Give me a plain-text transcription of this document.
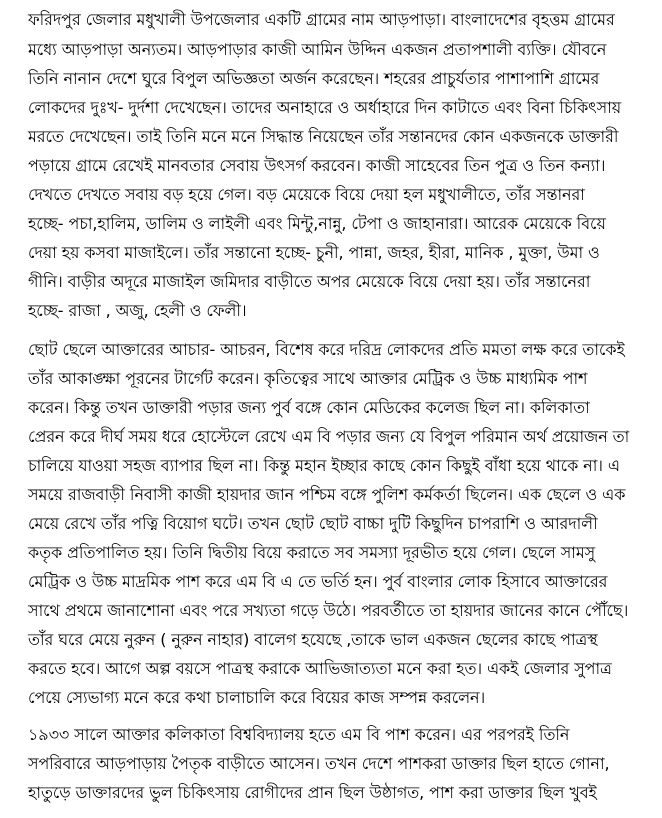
ফরিদপুর জেলার মধুখালী উপজেলার একটি গ্রামের নাম আড়পাড়া। বাংলাদেশের বৃহত্তম গ্রামের
মধ্যে আড়পাড়া অন্যতম। আড়পাড়ার কাজী আমিন উদ্দিন একজন প্রতাপশালী ব্যক্তি। যৌবনে
তিনি নানান দেশে ঘুরে বিপুল অভিজ্ঞতা অর্জন করেছেন। শহরের প্রাচুর্যতার পাশাপাশি গ্রামের
লোকদের দুঃখ- দুর্দশা দেখেছেন। তাদের অনাহারে ও অর্ধাহারে দিন কাটাতে এবং বিনা চিকিৎসায়
মরতে দেখেছেন। তাই তিনি মনে মনে সিদ্ধান্ত নিয়েছেন তাঁর সন্তানদের কোন একজনকে ডাক্তারী
পড়ায়ে গ্রামে রেখেই মানবতার সেবায় উৎসর্গ করবেন। কাজী সাহেবের তিন পুত্র ও তিন কন্যা।
দেখতে দেখতে সবায় বড় হয়ে গেল। বড় মেয়েকে বিয়ে দেয়া হল মধুখালীতে, তাঁর সন্তানরা
হচ্ছে- পচা,হালিম, ডালিম ও লাইলী এবং মিন্টু,নান্নু, টেপা ও জাহানারা। আরেক মেয়েকে বিয়ে
দেয়া হয় কসবা মাজাইলে। তাঁর সন্তানো হচ্ছে- চুনী, পান্না, জহর, হীরা, মানিক , মুক্তা, উমা ও
গীনি। বাড়ীর অদূরে মাজাইল জমিদার বাড়ীতে অপর মেয়েকে বিয়ে দেয়া হয়। তাঁর সন্তানেরা
হচ্ছে- রাজা , অজু, হেলী ও ফেলী।
ছোট ছেলে আক্তারের আচার- আচরন, বিশেষ করে দরিদ্র লোকদের প্রতি মমতা লক্ষ করে তাকেই
তাঁর আকাঙ্ক্ষা পূরনের টার্গেট করেন। কৃতিত্বের সাথে আক্তার মেট্রিক ও উচ্চ মাধ্যমিক পাশ
করেন। কিন্তু তখন ডাক্তারী পড়ার জন্য পুর্ব বঙ্গে কোন মেডিকের কলেজ ছিল না। কলিকাতা
প্রেরন করে দীর্ঘ সময় ধরে হোস্টেলে রেখে এম বি পড়ার জন্য যে বিপুল পরিমান অর্থ প্রয়োজন তা
চালিয়ে যাওয়া সহজ ব্যাপার ছিল না। কিন্তু মহান ইচ্ছার কাছে কোন কিছুই বাঁধা হয়ে থাকে না। এ
সময়ে রাজবাড়ী নিবাসী কাজী হায়দার জান পশ্চিম বঙ্গে পুলিশ কর্মকর্তা ছিলেন। এক ছেলে ও এক
মেয়ে রেখে তাঁর পত্নি বিয়োগ ঘটে। তখন ছোট ছোট বাচ্চা দুটি কিছুদিন চাপরাশি ও আরদালী
কতৃক প্রতিপালিত হয়। তিনি দ্বিতীয় বিয়ে করাতে সব সমস্যা দূরভীত হয়ে গেল। ছেলে সামসু
মেট্রিক ও উচ্চ মাদ্রমিক পাশ করে এম বি এ তে ভর্তি হন। পুর্ব বাংলার লোক হিসাবে আক্তারের
সাথে প্রথমে জানাশোনা এবং পরে সখ্যতা গড়ে উঠে। পরবর্তীতে তা হায়দার জানের কানে পৌঁছে।
তাঁর ঘরে মেয়ে নুরুন ( নুরুন নাহার) বালেগ হযেছে ,তাকে ভাল একজন ছেলের কাছে পাত্রস্থ
করতে হবে। আগে অল্প বয়সে পাত্রস্থ করাকে আভিজাত্যতা মনে করা হত। একই জেলার সুপাত্র
পেয়ে স্যেভাগ্য মনে করে কথা চালাচালি করে বিয়ের কাজ সম্পন্ন করলেন।
১৯৩৩ সালে আক্তার কলিকাতা বিশ্ববিদ্যালয় হতে এম বি পাশ করেন। এর পরপরই তিনি
সপরিবারে আড়পাড়ায় পৈতৃক বাড়ীতে আসেন। তখন দেশে পাশকরা ডাক্তার ছিল হাতে গোনা,
হাতুড়ে ডাক্তারদের ভুল চিকিৎসায় রোগীদের প্রান ছিল উষ্ঠাগত, পাশ করা ডাক্তার ছিল খুবই
